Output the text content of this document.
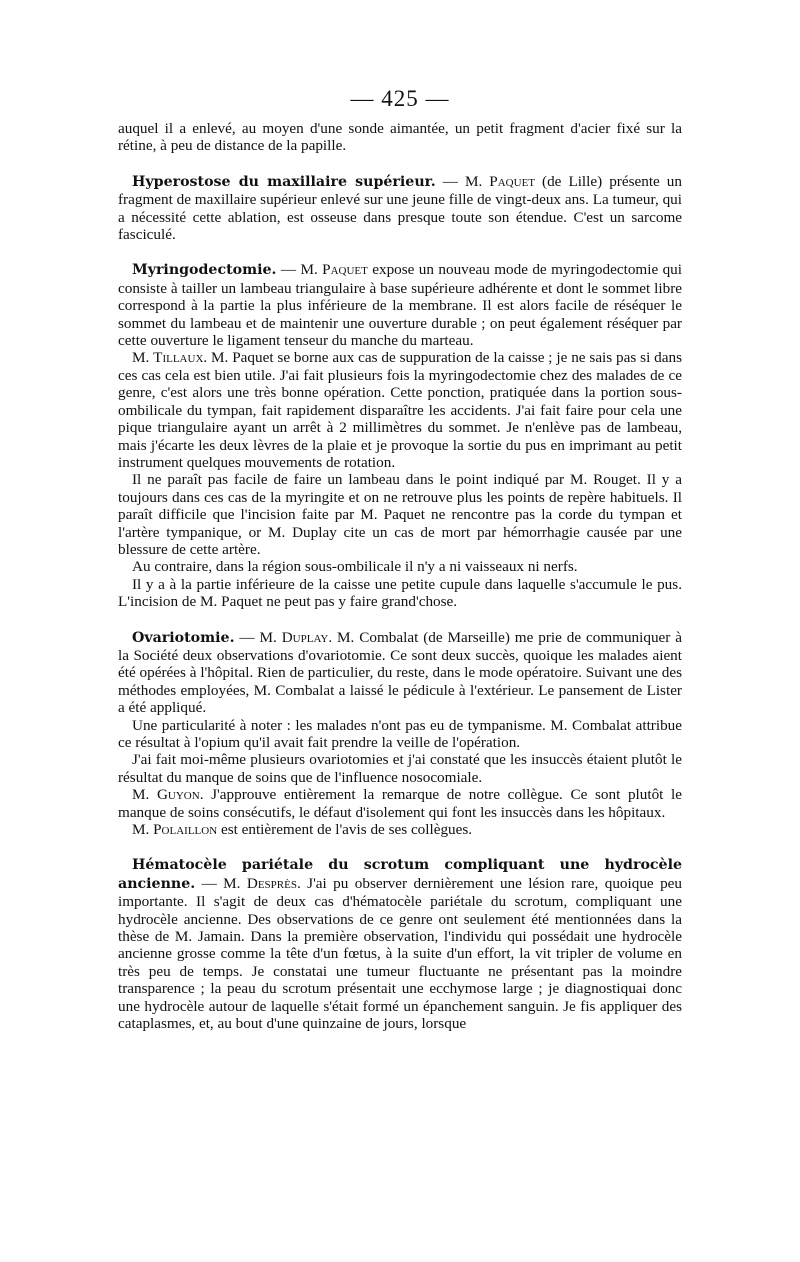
— 425 —

auquel il a enlevé, au moyen d'une sonde aimantée, un petit fragment d'acier fixé sur la rétine, à peu de distance de la papille.

Hyperostose du maxillaire supérieur. — M. Paquet (de Lille) présente un fragment de maxillaire supérieur enlevé sur une jeune fille de vingt-deux ans. La tumeur, qui a nécessité cette ablation, est osseuse dans presque toute son étendue. C'est un sarcome fasciculé.

Myringodectomie. — M. Paquet expose un nouveau mode de myringodectomie qui consiste à tailler un lambeau triangulaire à base supérieure adhérente et dont le sommet libre correspond à la partie la plus inférieure de la membrane. Il est alors facile de réséquer le sommet du lambeau et de maintenir une ouverture durable ; on peut également réséquer par cette ouverture le ligament tenseur du manche du marteau.

M. Tillaux. M. Paquet se borne aux cas de suppuration de la caisse ; je ne sais pas si dans ces cas cela est bien utile. J'ai fait plusieurs fois la myringodectomie chez des malades de ce genre, c'est alors une très bonne opération. Cette ponction, pratiquée dans la portion sous-ombilicale du tympan, fait rapidement disparaître les accidents. J'ai fait faire pour cela une pique triangulaire ayant un arrêt à 2 millimètres du sommet. Je n'enlève pas de lambeau, mais j'écarte les deux lèvres de la plaie et je provoque la sortie du pus en imprimant au petit instrument quelques mouvements de rotation.

Il ne paraît pas facile de faire un lambeau dans le point indiqué par M. Rouget. Il y a toujours dans ces cas de la myringite et on ne retrouve plus les points de repère habituels. Il paraît difficile que l'incision faite par M. Paquet ne rencontre pas la corde du tympan et l'artère tympanique, or M. Duplay cite un cas de mort par hémorrhagie causée par une blessure de cette artère.

Au contraire, dans la région sous-ombilicale il n'y a ni vaisseaux ni nerfs.

Il y a à la partie inférieure de la caisse une petite cupule dans laquelle s'accumule le pus. L'incision de M. Paquet ne peut pas y faire grand'chose.

Ovariotomie. — M. Duplay. M. Combalat (de Marseille) me prie de communiquer à la Société deux observations d'ovariotomie. Ce sont deux succès, quoique les malades aient été opérées à l'hôpital. Rien de particulier, du reste, dans le mode opératoire. Suivant une des méthodes employées, M. Combalat a laissé le pédicule à l'extérieur. Le pansement de Lister a été appliqué.

Une particularité à noter : les malades n'ont pas eu de tympanisme. M. Combalat attribue ce résultat à l'opium qu'il avait fait prendre la veille de l'opération.

J'ai fait moi-même plusieurs ovariotomies et j'ai constaté que les insuccès étaient plutôt le résultat du manque de soins que de l'influence nosocomiale.

M. Guyon. J'approuve entièrement la remarque de notre collègue. Ce sont plutôt le manque de soins consécutifs, le défaut d'isolement qui font les insuccès dans les hôpitaux.

M. Polaillon est entièrement de l'avis de ses collègues.

Hématocèle pariétale du scrotum compliquant une hydrocèle ancienne. — M. Desprès. J'ai pu observer dernièrement une lésion rare, quoique peu importante. Il s'agit de deux cas d'hématocèle pariétale du scrotum, compliquant une hydrocèle ancienne. Des observations de ce genre ont seulement été mentionnées dans la thèse de M. Jamain. Dans la première observation, l'individu qui possédait une hydrocèle ancienne grosse comme la tête d'un fœtus, à la suite d'un effort, la vit tripler de volume en très peu de temps. Je constatai une tumeur fluctuante ne présentant pas la moindre transparence ; la peau du scrotum présentait une ecchymose large ; je diagnostiquai donc une hydrocèle autour de laquelle s'était formé un épanchement sanguin. Je fis appliquer des cataplasmes, et, au bout d'une quinzaine de jours, lorsque
